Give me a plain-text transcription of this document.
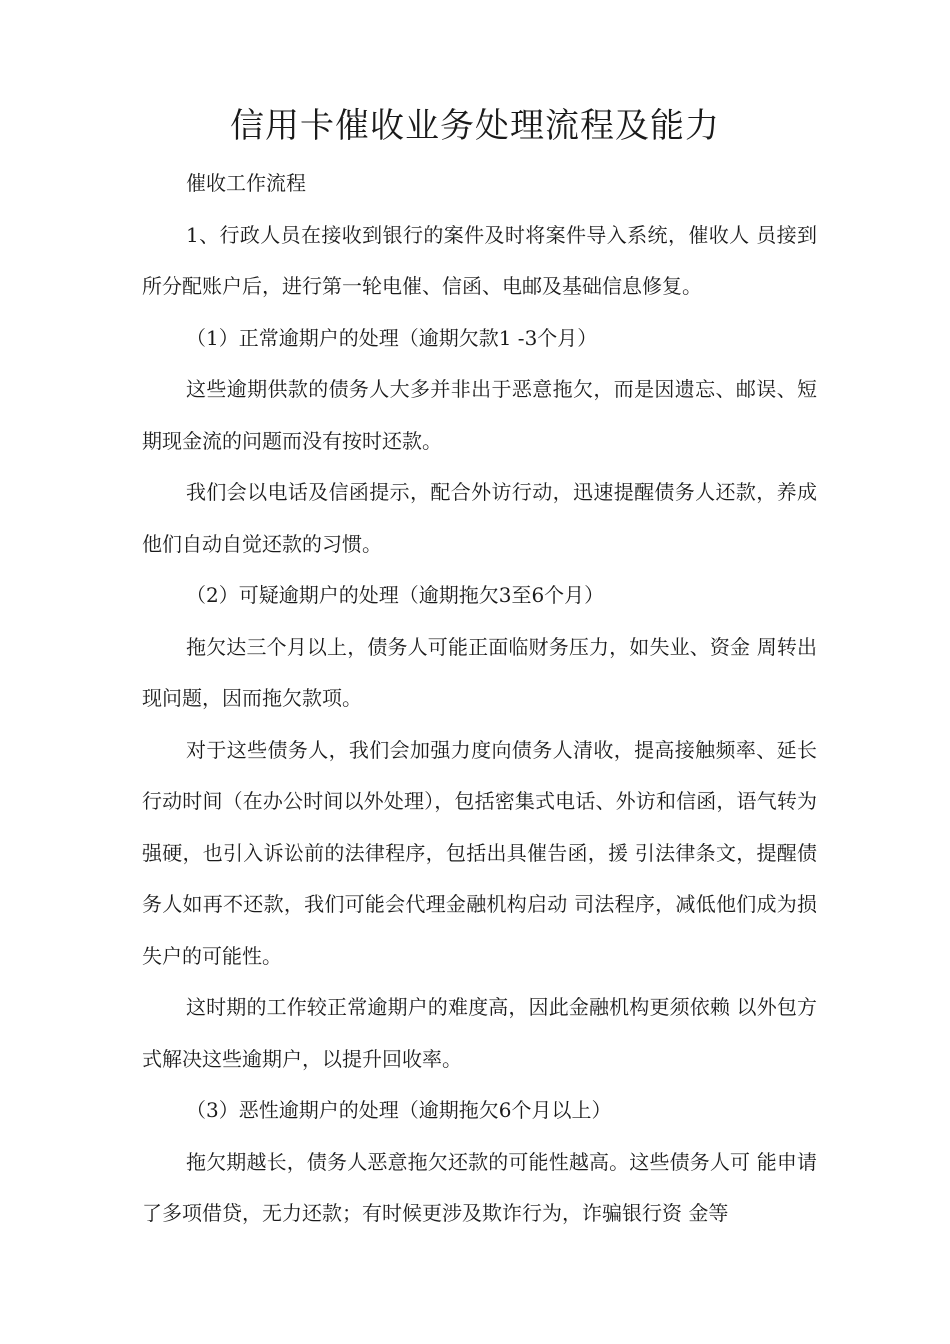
信用卡催收业务处理流程及能力

催收工作流程

1、行政人员在接收到银行的案件及时将案件导入系统，催收人 员接到所分配账户后，进行第一轮电催、信函、电邮及基础信息修复。

（1）正常逾期户的处理（逾期欠款1 -3个月）

这些逾期供款的债务人大多并非出于恶意拖欠，而是因遗忘、邮误、短期现金流的问题而没有按时还款。

我们会以电话及信函提示，配合外访行动，迅速提醒债务人还款，养成他们自动自觉还款的习惯。

（2）可疑逾期户的处理（逾期拖欠3至6个月）

拖欠达三个月以上，债务人可能正面临财务压力，如失业、资金 周转出现问题，因而拖欠款项。

对于这些债务人，我们会加强力度向债务人清收，提高接触频率、延长行动时间（在办公时间以外处理），包括密集式电话、外访和信函，语气转为强硬，也引入诉讼前的法律程序，包括出具催告函，援 引法律条文，提醒债务人如再不还款，我们可能会代理金融机构启动 司法程序，减低他们成为损失户的可能性。

这时期的工作较正常逾期户的难度高，因此金融机构更须依赖 以外包方式解决这些逾期户，以提升回收率。

（3）恶性逾期户的处理（逾期拖欠6个月以上）

拖欠期越长，债务人恶意拖欠还款的可能性越高。这些债务人可 能申请了多项借贷，无力还款；有时候更涉及欺诈行为，诈骗银行资 金等
